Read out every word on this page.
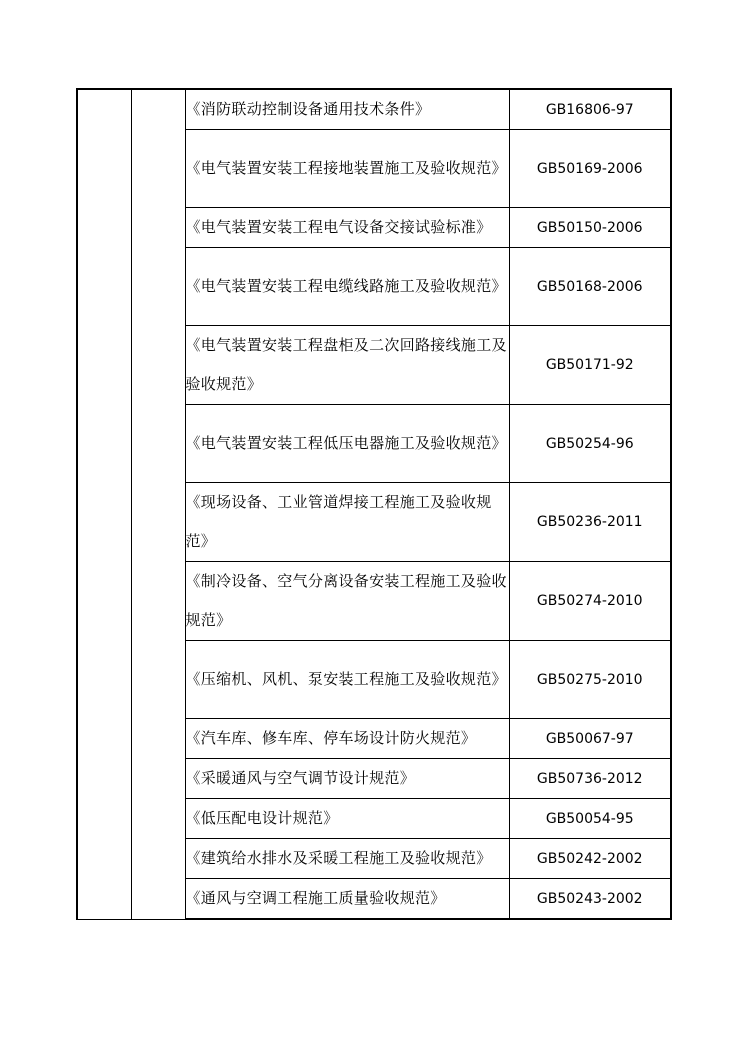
		《消防联动控制设备通用技术条件》	GB16806-97
		《电气装置安装工程接地装置施工及验收规范》	GB50169-2006
		《电气装置安装工程电气设备交接试验标准》	GB50150-2006
		《电气装置安装工程电缆线路施工及验收规范》	GB50168-2006
		《电气装置安装工程盘柜及二次回路接线施工及验收规范》	GB50171-92
		《电气装置安装工程低压电器施工及验收规范》	GB50254-96
		《现场设备、工业管道焊接工程施工及验收规范》	GB50236-2011
		《制冷设备、空气分离设备安装工程施工及验收规范》	GB50274-2010
		《压缩机、风机、泵安装工程施工及验收规范》	GB50275-2010
		《汽车库、修车库、停车场设计防火规范》	GB50067-97
		《采暖通风与空气调节设计规范》	GB50736-2012
		《低压配电设计规范》	GB50054-95
		《建筑给水排水及采暖工程施工及验收规范》	GB50242-2002
		《通风与空调工程施工质量验收规范》	GB50243-2002
